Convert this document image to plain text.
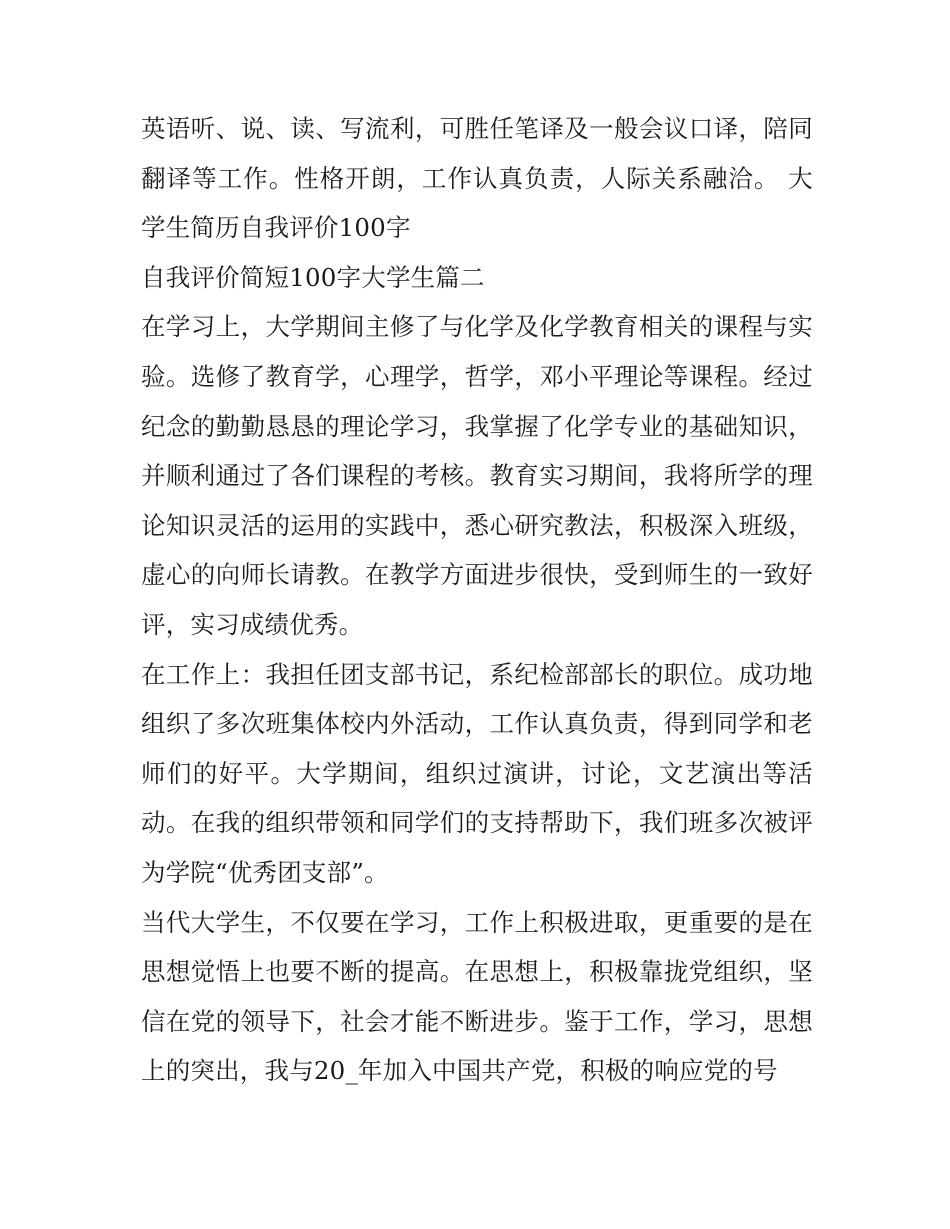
英语听、说、读、写流利，可胜任笔译及一般会议口译，陪同翻译等工作。性格开朗，工作认真负责，人际关系融洽。 大学生简历自我评价100字

自我评价简短100字大学生篇二

在学习上，大学期间主修了与化学及化学教育相关的课程与实验。选修了教育学，心理学，哲学，邓小平理论等课程。经过纪念的勤勤恳恳的理论学习，我掌握了化学专业的基础知识，并顺利通过了各们课程的考核。教育实习期间，我将所学的理论知识灵活的运用的实践中，悉心研究教法，积极深入班级，虚心的向师长请教。在教学方面进步很快，受到师生的一致好评，实习成绩优秀。

在工作上：我担任团支部书记，系纪检部部长的职位。成功地组织了多次班集体校内外活动，工作认真负责，得到同学和老师们的好平。大学期间，组织过演讲，讨论，文艺演出等活动。在我的组织带领和同学们的支持帮助下，我们班多次被评为学院“优秀团支部”。

当代大学生，不仅要在学习，工作上积极进取，更重要的是在思想觉悟上也要不断的提高。在思想上，积极靠拢党组织，坚信在党的领导下，社会才能不断进步。鉴于工作，学习，思想上的突出，我与20_年加入中国共产党，积极的响应党的号
